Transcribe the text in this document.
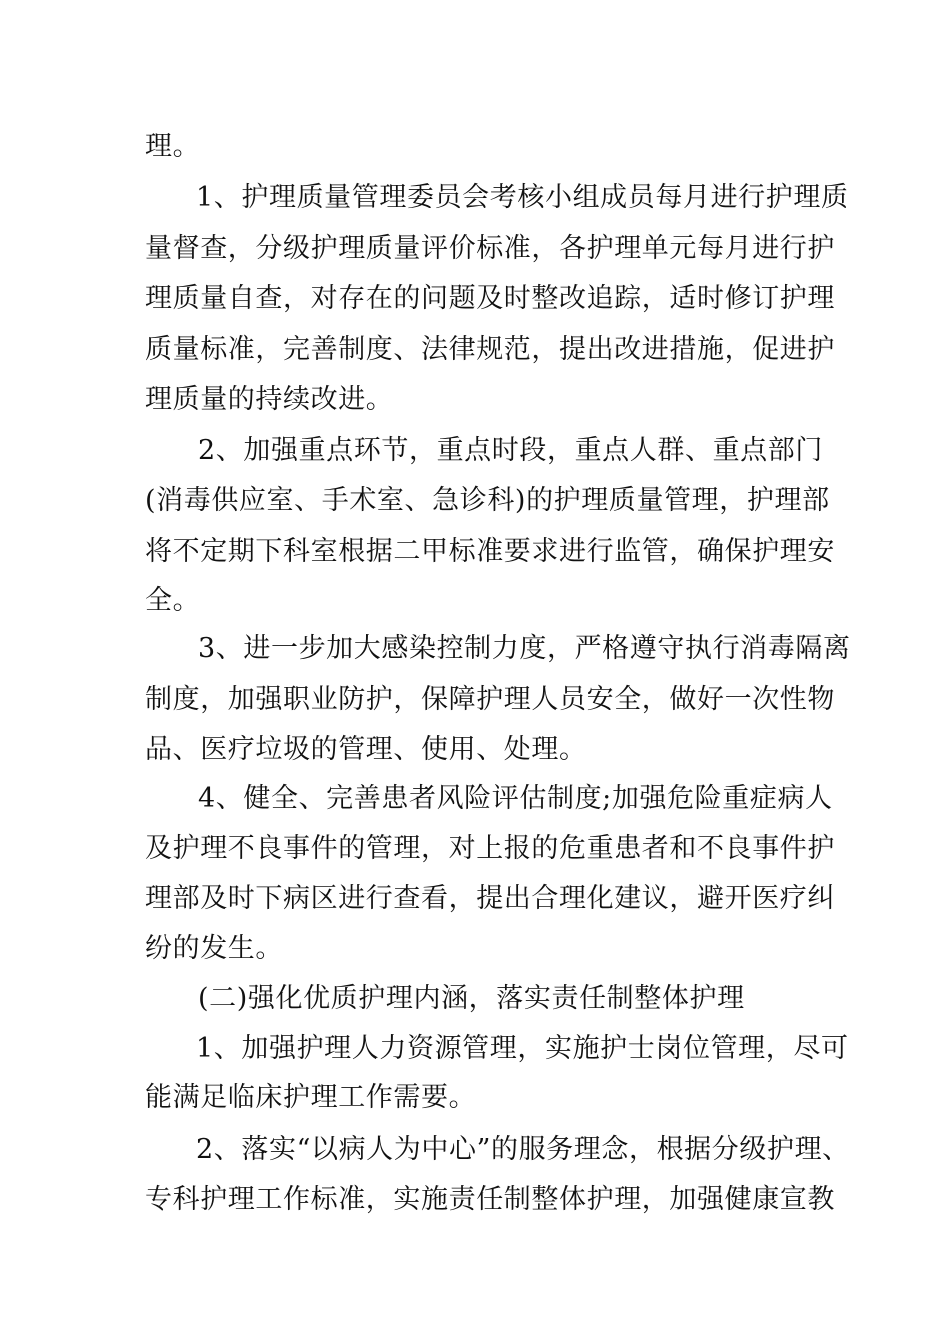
理。

1、护理质量管理委员会考核小组成员每月进行护理质

量督查，分级护理质量评价标准，各护理单元每月进行护

理质量自查，对存在的问题及时整改追踪，适时修订护理

质量标准，完善制度、法律规范，提出改进措施，促进护

理质量的持续改进。

2、加强重点环节，重点时段，重点人群、重点部门

(消毒供应室、手术室、急诊科)的护理质量管理，护理部

将不定期下科室根据二甲标准要求进行监管，确保护理安

全。

3、进一步加大感染控制力度，严格遵守执行消毒隔离

制度，加强职业防护，保障护理人员安全，做好一次性物

品、医疗垃圾的管理、使用、处理。

4、健全、完善患者风险评估制度;加强危险重症病人

及护理不良事件的管理，对上报的危重患者和不良事件护

理部及时下病区进行查看，提出合理化建议，避开医疗纠

纷的发生。

(二)强化优质护理内涵，落实责任制整体护理

1、加强护理人力资源管理，实施护士岗位管理，尽可

能满足临床护理工作需要。

2、落实“以病人为中心”的服务理念，根据分级护理、

专科护理工作标准，实施责任制整体护理，加强健康宣教
